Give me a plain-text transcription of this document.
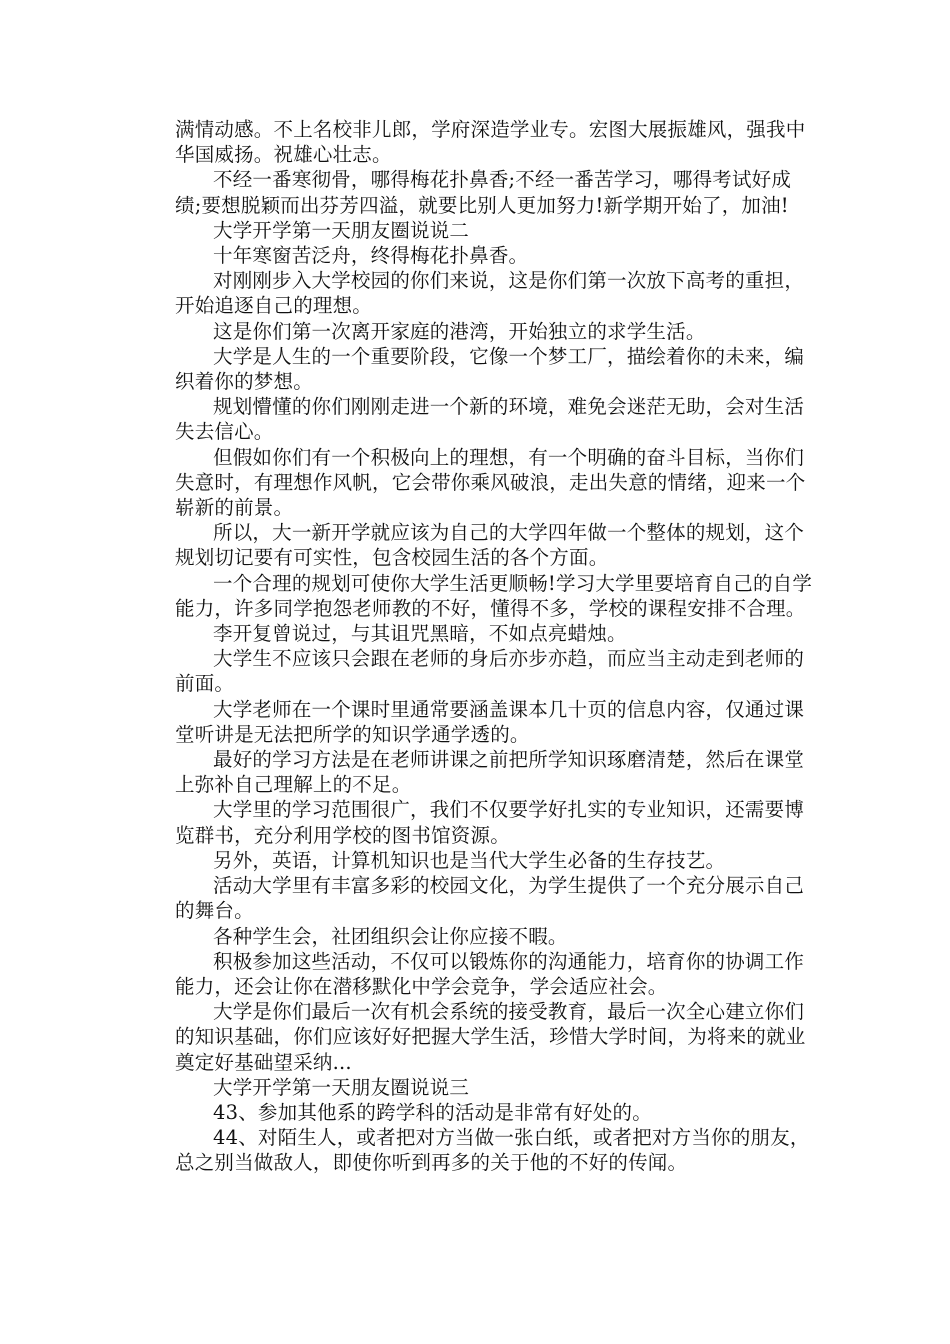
满情动感。不上名校非儿郎，学府深造学业专。宏图大展振雄风，强我中华国威扬。祝雄心壮志。

不经一番寒彻骨，哪得梅花扑鼻香;不经一番苦学习，哪得考试好成绩;要想脱颖而出芬芳四溢，就要比别人更加努力!新学期开始了，加油!

大学开学第一天朋友圈说说二

十年寒窗苦泛舟，终得梅花扑鼻香。

对刚刚步入大学校园的你们来说，这是你们第一次放下高考的重担，开始追逐自己的理想。

这是你们第一次离开家庭的港湾，开始独立的求学生活。

大学是人生的一个重要阶段，它像一个梦工厂，描绘着你的未来，编织着你的梦想。

规划懵懂的你们刚刚走进一个新的环境，难免会迷茫无助，会对生活失去信心。

但假如你们有一个积极向上的理想，有一个明确的奋斗目标，当你们失意时，有理想作风帆，它会带你乘风破浪，走出失意的情绪，迎来一个崭新的前景。

所以，大一新开学就应该为自己的大学四年做一个整体的规划，这个规划切记要有可实性，包含校园生活的各个方面。

一个合理的规划可使你大学生活更顺畅!学习大学里要培育自己的自学能力，许多同学抱怨老师教的不好，懂得不多，学校的课程安排不合理。

李开复曾说过，与其诅咒黑暗，不如点亮蜡烛。

大学生不应该只会跟在老师的身后亦步亦趋，而应当主动走到老师的前面。

大学老师在一个课时里通常要涵盖课本几十页的信息内容，仅通过课堂听讲是无法把所学的知识学通学透的。

最好的学习方法是在老师讲课之前把所学知识琢磨清楚，然后在课堂上弥补自己理解上的不足。

大学里的学习范围很广，我们不仅要学好扎实的专业知识，还需要博览群书，充分利用学校的图书馆资源。

另外，英语，计算机知识也是当代大学生必备的生存技艺。

活动大学里有丰富多彩的校园文化，为学生提供了一个充分展示自己的舞台。

各种学生会，社团组织会让你应接不暇。

积极参加这些活动，不仅可以锻炼你的沟通能力，培育你的协调工作能力，还会让你在潜移默化中学会竞争，学会适应社会。

大学是你们最后一次有机会系统的接受教育，最后一次全心建立你们的知识基础，你们应该好好把握大学生活，珍惜大学时间，为将来的就业奠定好基础望采纳...

大学开学第一天朋友圈说说三

43、参加其他系的跨学科的活动是非常有好处的。

44、对陌生人，或者把对方当做一张白纸，或者把对方当你的朋友，总之别当做敌人，即使你听到再多的关于他的不好的传闻。
